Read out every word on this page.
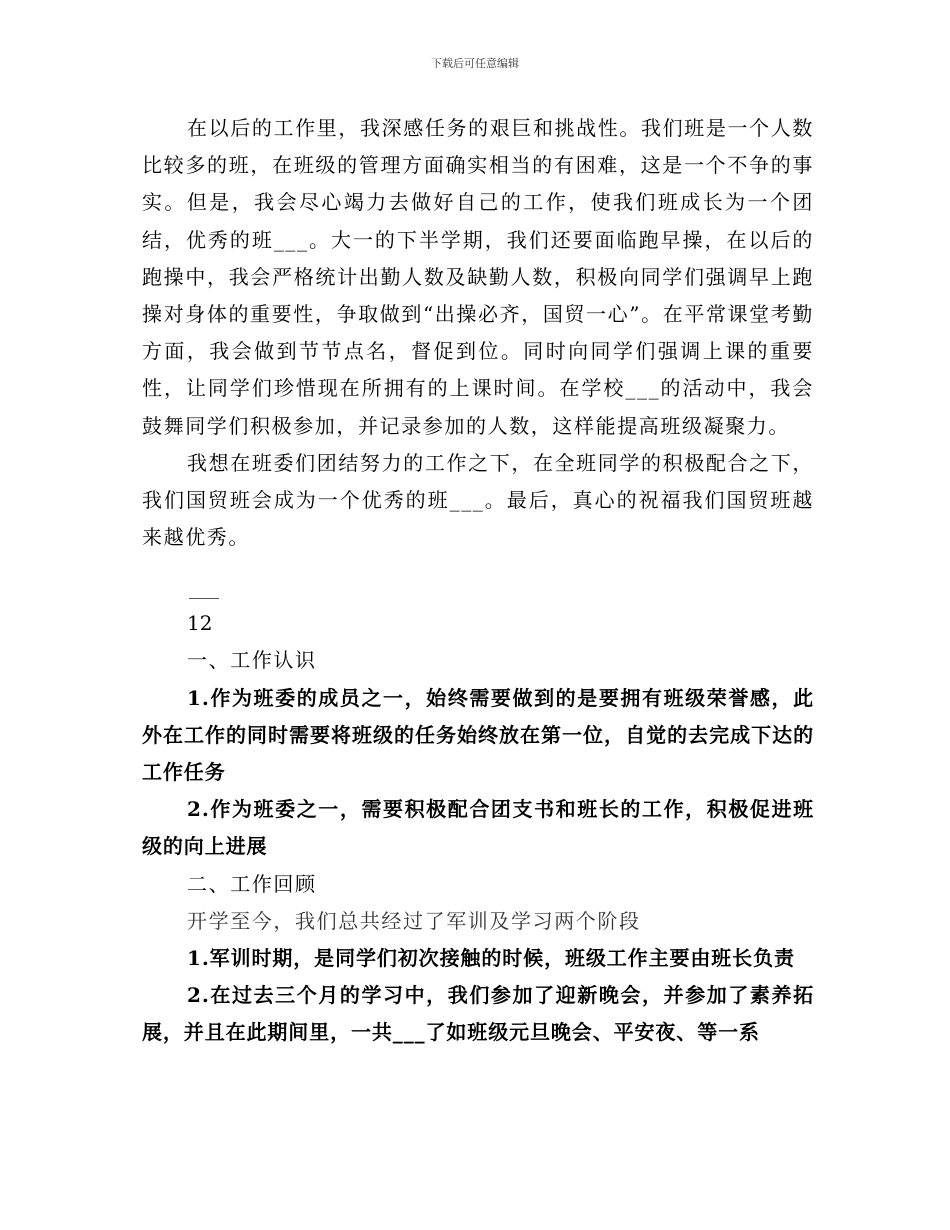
下载后可任意编辑

在以后的工作里，我深感任务的艰巨和挑战性。我们班是一个人数比较多的班，在班级的管理方面确实相当的有困难，这是一个不争的事实。但是，我会尽心竭力去做好自己的工作，使我们班成长为一个团结，优秀的班___。大一的下半学期，我们还要面临跑早操，在以后的跑操中，我会严格统计出勤人数及缺勤人数，积极向同学们强调早上跑操对身体的重要性，争取做到“出操必齐，国贸一心”。在平常课堂考勤方面，我会做到节节点名，督促到位。同时向同学们强调上课的重要性，让同学们珍惜现在所拥有的上课时间。在学校___的活动中，我会鼓舞同学们积极参加，并记录参加的人数，这样能提高班级凝聚力。

我想在班委们团结努力的工作之下，在全班同学的积极配合之下，我们国贸班会成为一个优秀的班___。最后，真心的祝福我们国贸班越来越优秀。

12

一、工作认识

1.作为班委的成员之一，始终需要做到的是要拥有班级荣誉感，此外在工作的同时需要将班级的任务始终放在第一位，自觉的去完成下达的工作任务

2.作为班委之一，需要积极配合团支书和班长的工作，积极促进班级的向上进展

二、工作回顾

开学至今，我们总共经过了军训及学习两个阶段

1.军训时期，是同学们初次接触的时候，班级工作主要由班长负责

2.在过去三个月的学习中，我们参加了迎新晚会，并参加了素养拓展，并且在此期间里，一共___了如班级元旦晚会、平安夜、等一系
